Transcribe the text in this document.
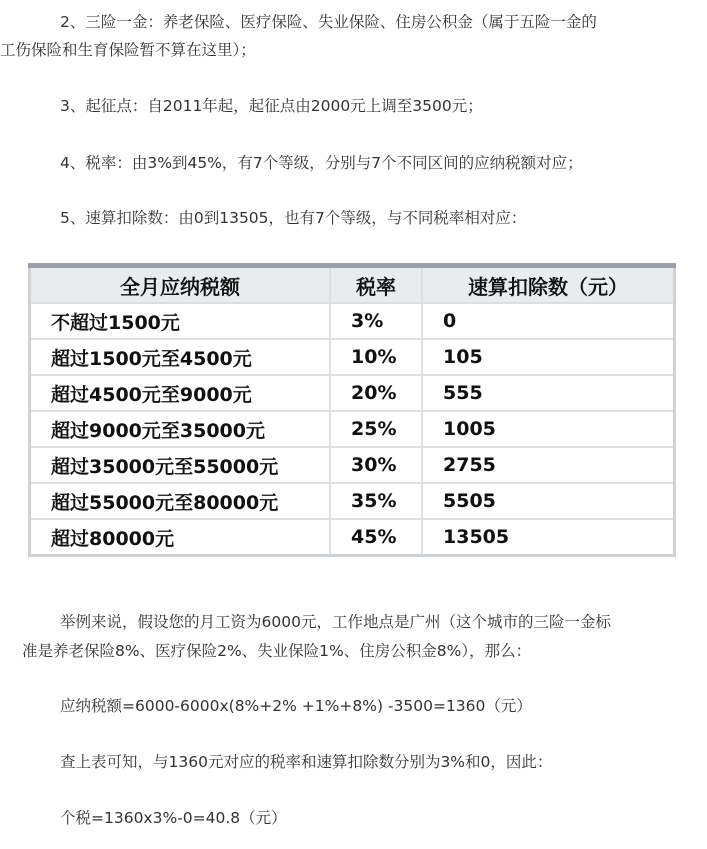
2、三险一金：养老保险、医疗保险、失业保险、住房公积金（属于五险一金的

工伤保险和生育保险暂不算在这里）；

3、起征点：自2011年起，起征点由2000元上调至3500元；

4、税率：由3%到45%，有7个等级，分别与7个不同区间的应纳税额对应；

5、速算扣除数：由0到13505，也有7个等级，与不同税率相对应：

全月应纳税额	税率	速算扣除数（元）
不超过1500元	3%	0
超过1500元至4500元	10%	105
超过4500元至9000元	20%	555
超过9000元至35000元	25%	1005
超过35000元至55000元	30%	2755
超过55000元至80000元	35%	5505
超过80000元	45%	13505

举例来说，假设您的月工资为6000元，工作地点是广州（这个城市的三险一金标

准是养老保险8%、医疗保险2%、失业保险1%、住房公积金8%），那么：

应纳税额=6000-6000x(8%+2% +1%+8%) -3500=1360（元）

查上表可知，与1360元对应的税率和速算扣除数分别为3%和0，因此：

个税=1360x3%-0=40.8（元）
